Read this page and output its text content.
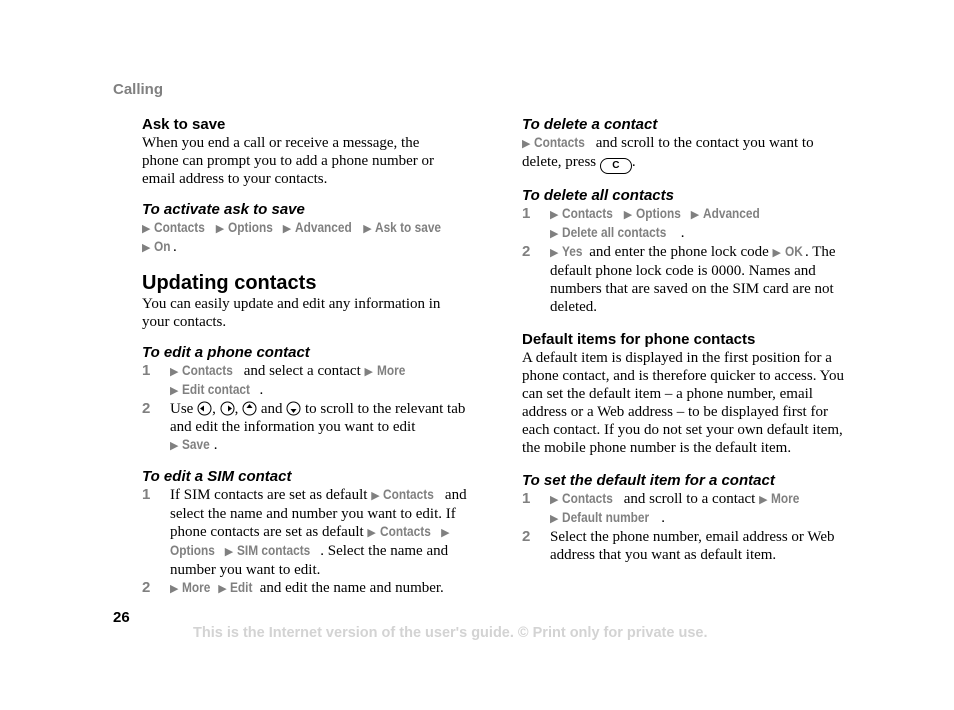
Calling
Ask to save
When you end a call or receive a message, the phone can prompt you to add a phone number or email address to your contacts.
To activate ask to save
▶ Contacts ▶ Options ▶ Advanced ▶ Ask to save
▶ On .
Updating contacts
You can easily update and edit any information in your contacts.
To edit a phone contact
1 ▶ Contacts and select a contact ▶ More
▶ Edit contact .
2 Use , ,  and to scroll to the relevant tab and edit the information you want to edit
▶ Save .
To edit a SIM contact
1 If SIM contacts are set as default ▶ Contacts and select the name and number you want to edit. If phone contacts are set as default ▶ Contacts ▶ Options ▶ SIM contacts . Select the name and number you want to edit.
2 ▶ More ▶ Edit and edit the name and number.
To delete a contact
▶ Contacts and scroll to the contact you want to delete, press C .
To delete all contacts
1 ▶ Contacts ▶ Options ▶ Advanced
▶ Delete all contacts .
2 ▶ Yes and enter the phone lock code ▶ OK . The default phone lock code is 0000. Names and numbers that are saved on the SIM card are not deleted.
Default items for phone contacts
A default item is displayed in the first position for a phone contact, and is therefore quicker to access. You can set the default item – a phone number, email address or a Web address – to be displayed first for each contact. If you do not set your own default item, the mobile phone number is the default item.
To set the default item for a contact
1 ▶ Contacts and scroll to a contact ▶ More
▶ Default number .
2 Select the phone number, email address or Web address that you want as default item.
26
This is the Internet version of the user's guide. © Print only for private use.
